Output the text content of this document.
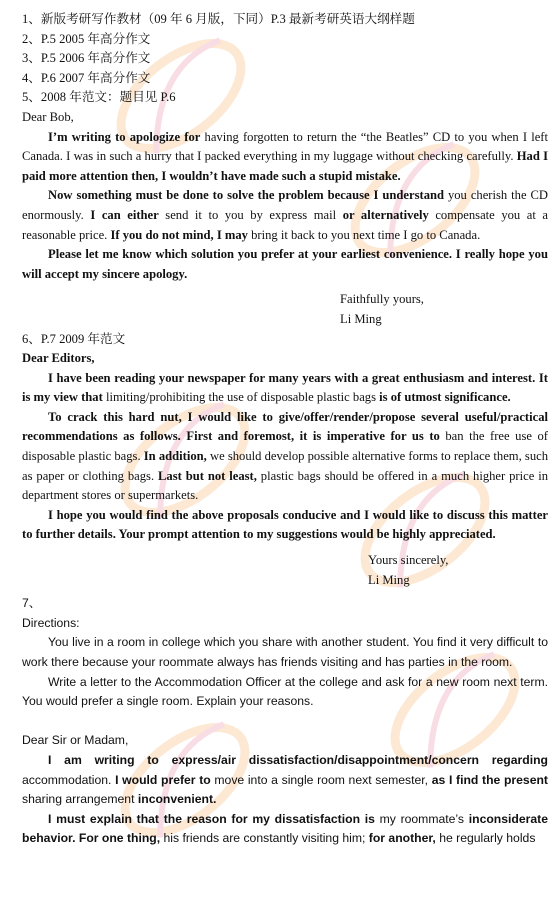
1、新版考研写作教材（09 年 6 月版，下同）P.3 最新考研英语大纲样题
2、P.5 2005 年高分作文
3、P.5 2006 年高分作文
4、P.6 2007 年高分作文
5、2008 年范文：题目见 P.6
Dear Bob,

I’m writing to apologize for having forgotten to return the “the Beatles” CD to you when I left Canada. I was in such a hurry that I packed everything in my luggage without checking carefully. Had I paid more attention then, I wouldn’t have made such a stupid mistake.

Now something must be done to solve the problem because I understand you cherish the CD enormously. I can either send it to you by express mail or alternatively compensate you at a reasonable price. If you do not mind, I may bring it back to you next time I go to Canada.

Please let me know which solution you prefer at your earliest convenience. I really hope you will accept my sincere apology.

Faithfully yours,
Li Ming
6、P.7 2009 年范文
Dear Editors,

I have been reading your newspaper for many years with a great enthusiasm and interest. It is my view that limiting/prohibiting the use of disposable plastic bags is of utmost significance.

To crack this hard nut, I would like to give/offer/render/propose several useful/practical recommendations as follows. First and foremost, it is imperative for us to ban the free use of disposable plastic bags. In addition, we should develop possible alternative forms to replace them, such as paper or clothing bags. Last but not least, plastic bags should be offered in a much higher price in department stores or supermarkets.

I hope you would find the above proposals conducive and I would like to discuss this matter to further details. Your prompt attention to my suggestions would be highly appreciated.

Yours sincerely,
Li Ming
7、
Directions:

You live in a room in college which you share with another student. You find it very difficult to work there because your roommate always has friends visiting and has parties in the room.

Write a letter to the Accommodation Officer at the college and ask for a new room next term. You would prefer a single room. Explain your reasons.

Dear Sir or Madam,

I am writing to express/air dissatisfaction/disappointment/concern regarding accommodation. I would prefer to move into a single room next semester, as I find the present sharing arrangement inconvenient.

I must explain that the reason for my dissatisfaction is my roommate’s inconsiderate behavior. For one thing, his friends are constantly visiting him; for another, he regularly holds
